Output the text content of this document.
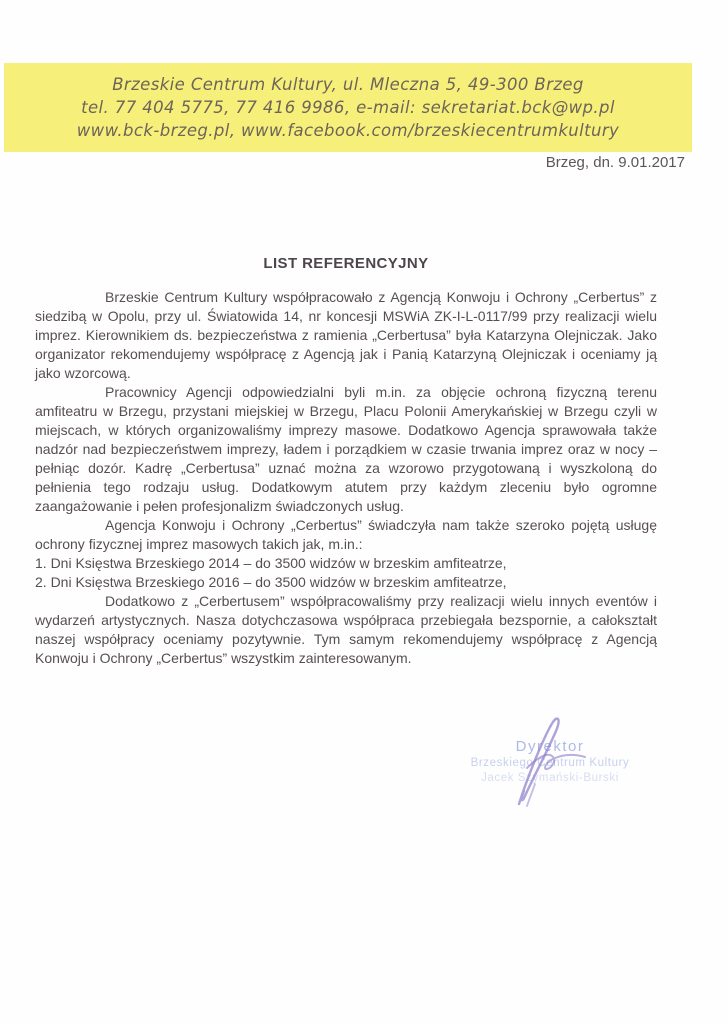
Brzeskie Centrum Kultury, ul. Mleczna 5, 49-300 Brzeg
tel. 77 404 5775, 77 416 9986, e-mail: sekretariat.bck@wp.pl
www.bck-brzeg.pl, www.facebook.com/brzeskiecentrumkultury
Brzeg, dn. 9.01.2017
LIST REFERENCYJNY

Brzeskie Centrum Kultury współpracowało z Agencją Konwoju i Ochrony „Cerbertus” z siedzibą w Opolu, przy ul. Światowida 14, nr koncesji MSWiA ZK-I-L-0117/99 przy realizacji wielu imprez. Kierownikiem ds. bezpieczeństwa z ramienia „Cerbertusa” była Katarzyna Olejniczak. Jako organizator rekomendujemy współpracę z Agencją jak i Panią Katarzyną Olejniczak i oceniamy ją jako wzorcową.

Pracownicy Agencji odpowiedzialni byli m.in. za objęcie ochroną fizyczną terenu amfiteatru w Brzegu, przystani miejskiej w Brzegu, Placu Polonii Amerykańskiej w Brzegu czyli w miejscach, w których organizowaliśmy imprezy masowe. Dodatkowo Agencja sprawowała także nadzór nad bezpieczeństwem imprezy, ładem i porządkiem w czasie trwania imprez oraz w nocy – pełniąc dozór. Kadrę „Cerbertusa” uznać można za wzorowo przygotowaną i wyszkoloną do pełnienia tego rodzaju usług. Dodatkowym atutem przy każdym zleceniu było ogromne zaangażowanie i pełen profesjonalizm świadczonych usług.

Agencja Konwoju i Ochrony „Cerbertus” świadczyła nam także szeroko pojętą usługę ochrony fizycznej imprez masowych takich jak, m.in.:

1. Dni Księstwa Brzeskiego 2014 – do 3500 widzów w brzeskim amfiteatrze,

2. Dni Księstwa Brzeskiego 2016 – do 3500 widzów w brzeskim amfiteatrze,

Dodatkowo z „Cerbertusem” współpracowaliśmy przy realizacji wielu innych eventów i wydarzeń artystycznych. Nasza dotychczasowa współpraca przebiegała bezspornie, a całokształt naszej współpracy oceniamy pozytywnie. Tym samym rekomendujemy współpracę z Agencją Konwoju i Ochrony „Cerbertus” wszystkim zainteresowanym.

Dyrektor
Brzeskiego Centrum Kultury
Jacek Szymański-Burski
